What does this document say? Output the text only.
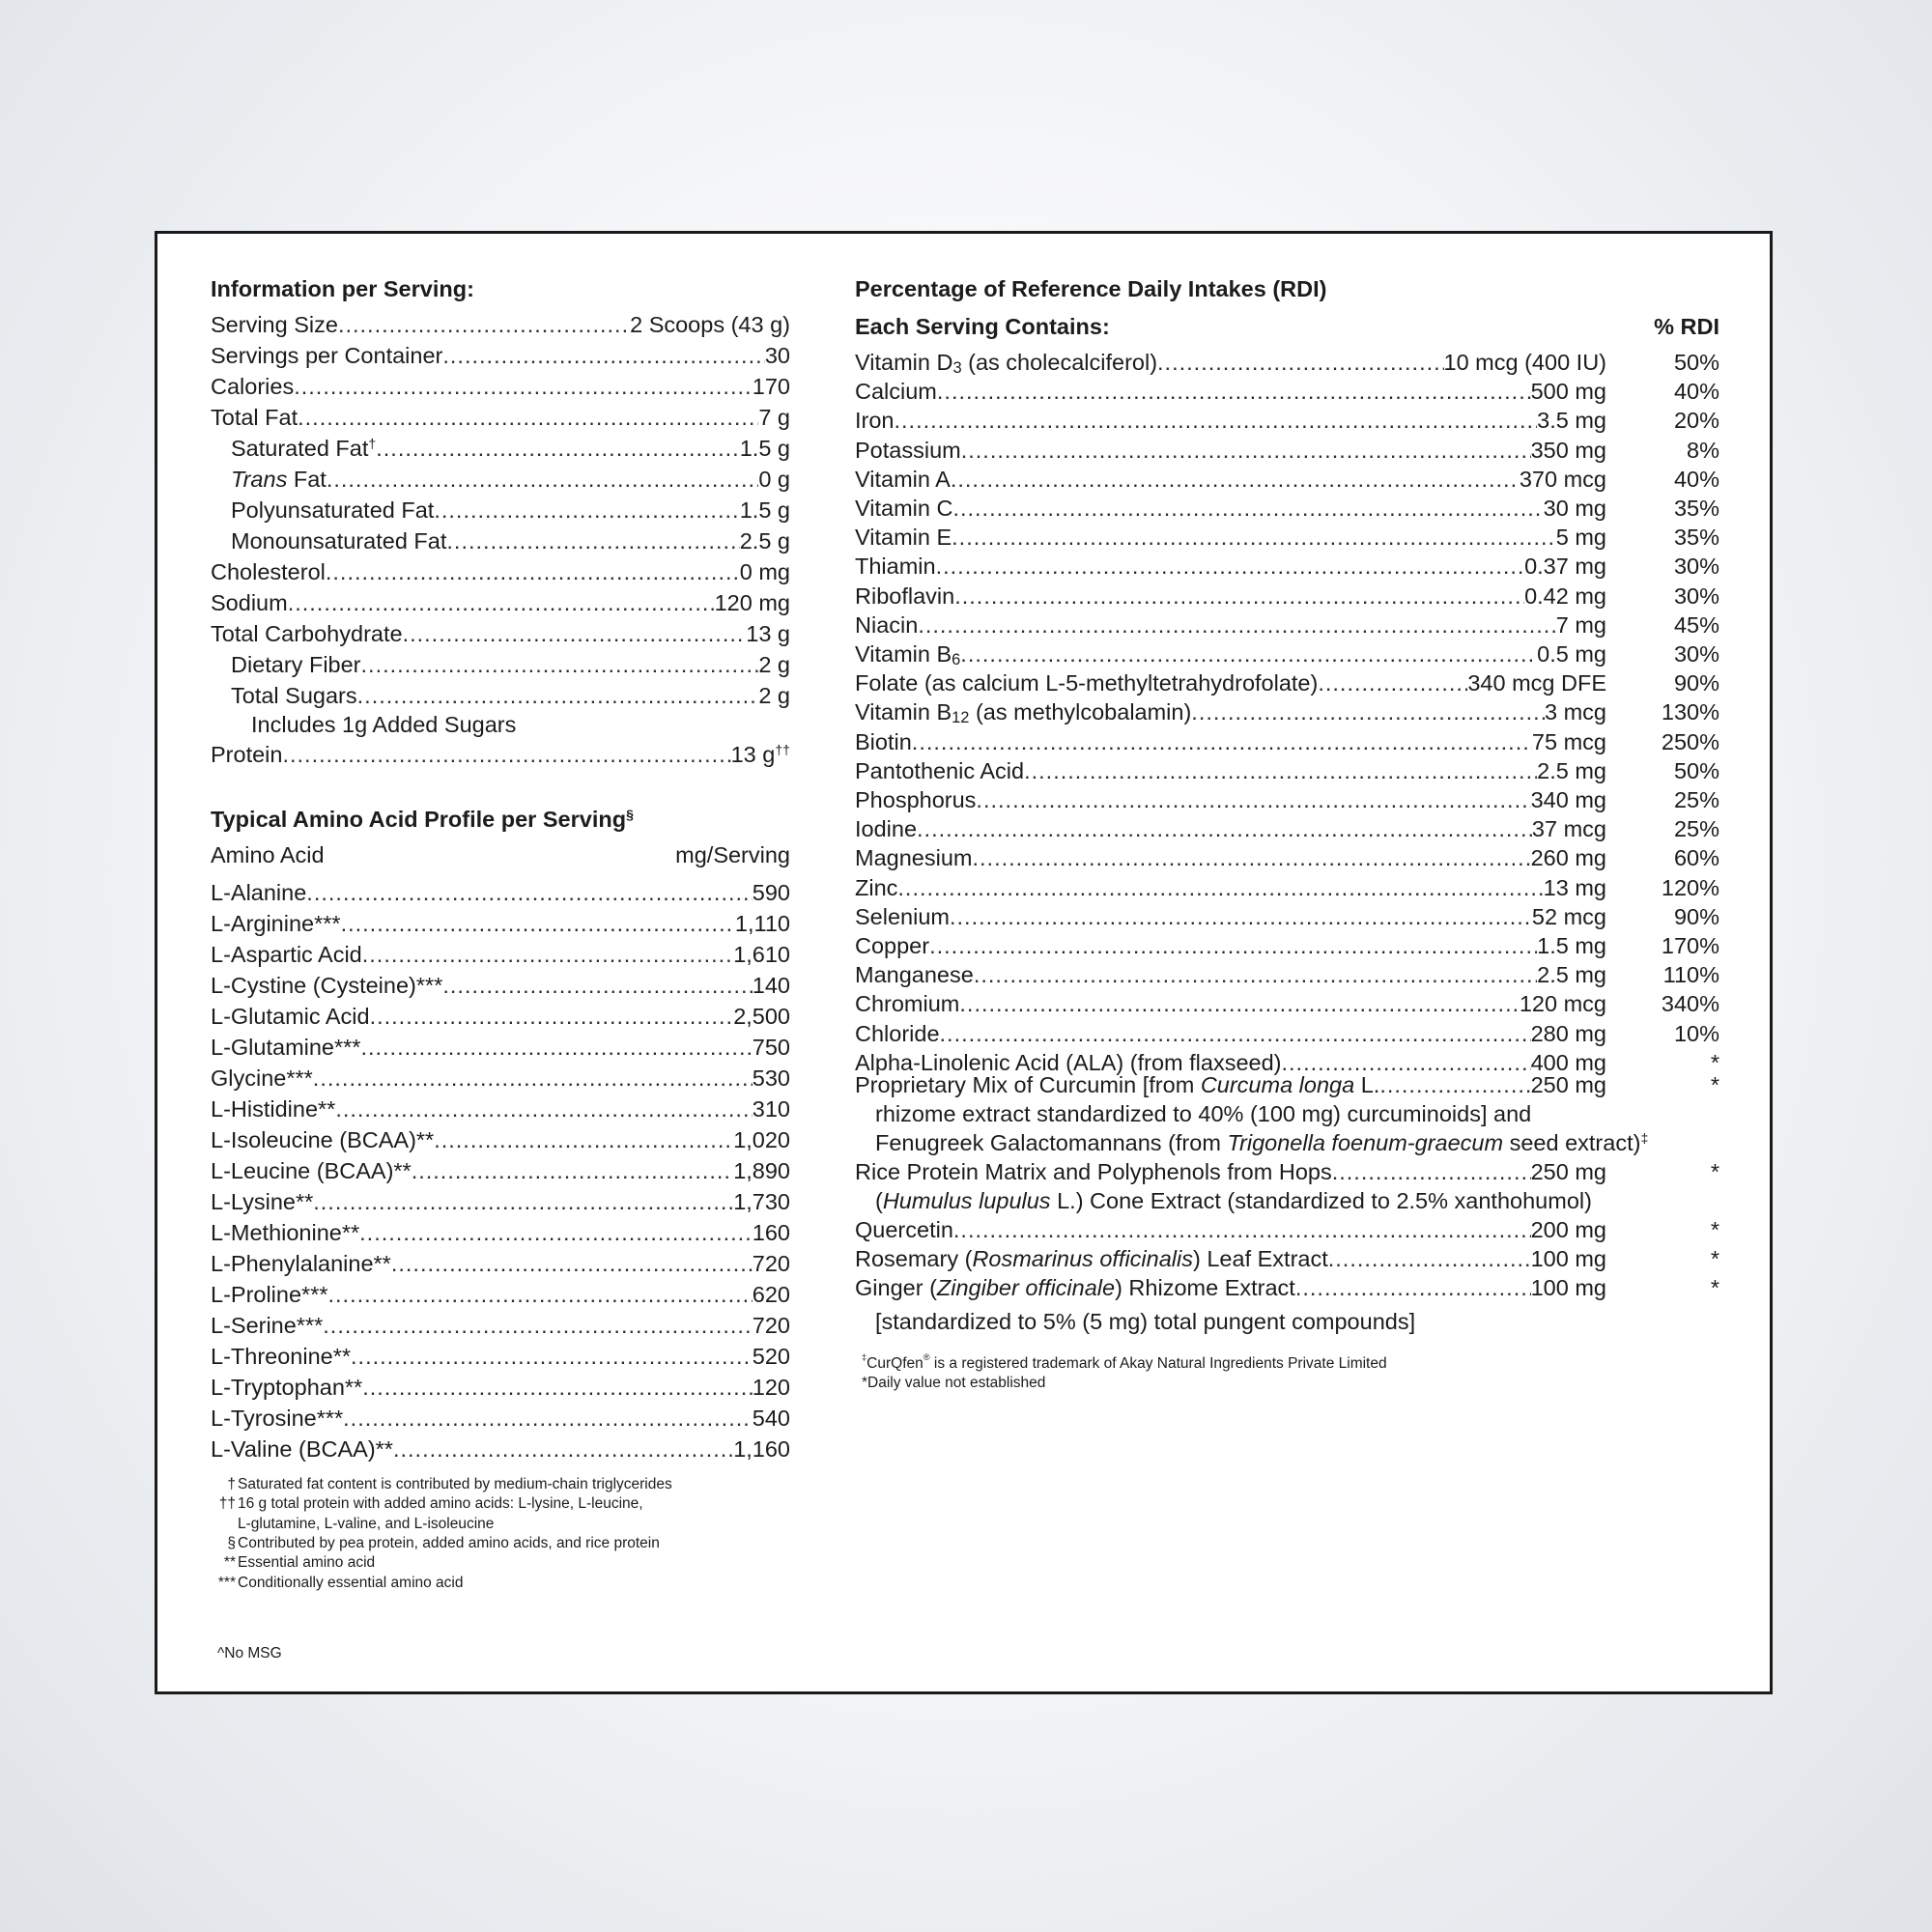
Information per Serving:
Serving Size .....	2 Scoops (43 g)
Servings per Container .....	30
Calories .....	170
Total Fat .....	7 g
Saturated Fat† .....	1.5 g
Trans Fat .....	0 g
Polyunsaturated Fat .....	1.5 g
Monounsaturated Fat .....	2.5 g
Cholesterol .....	0 mg
Sodium .....	120 mg
Total Carbohydrate .....	13 g
Dietary Fiber .....	2 g
Total Sugars .....	2 g
Includes 1g Added Sugars
Protein .....	13 g††
Typical Amino Acid Profile per Serving§
Amino Acid	mg/Serving
L-Alanine .....	590
L-Arginine*** .....	1,110
L-Aspartic Acid .....	1,610
L-Cystine (Cysteine)*** .....	140
L-Glutamic Acid .....	2,500
L-Glutamine*** .....	750
Glycine*** .....	530
L-Histidine** .....	310
L-Isoleucine (BCAA)** .....	1,020
L-Leucine (BCAA)** .....	1,890
L-Lysine** .....	1,730
L-Methionine** .....	160
L-Phenylalanine** .....	720
L-Proline*** .....	620
L-Serine*** .....	720
L-Threonine** .....	520
L-Tryptophan** .....	120
L-Tyrosine*** .....	540
L-Valine (BCAA)** .....	1,160
† Saturated fat content is contributed by medium-chain triglycerides
†† 16 g total protein with added amino acids: L-lysine, L-leucine,
L-glutamine, L-valine, and L-isoleucine
§ Contributed by pea protein, added amino acids, and rice protein
** Essential amino acid
*** Conditionally essential amino acid
^No MSG
Percentage of Reference Daily Intakes (RDI)
Each Serving Contains:	% RDI
Vitamin $D_3$ (as cholecalciferol) .....	10 mcg (400 IU)	50%
Calcium .....	500 mg	40%
Iron .....	3.5 mg	20%
Potassium .....	350 mg	8%
Vitamin A .....	370 mcg	40%
Vitamin C .....	30 mg	35%
Vitamin E .....	5 mg	35%
Thiamin .....	0.37 mg	30%
Riboflavin .....	0.42 mg	30%
Niacin .....	7 mg	45%
Vitamin $B_6$ .....	0.5 mg	30%
Folate (as calcium L-5-methyltetrahydrofolate) .....	340 mcg DFE	90%
Vitamin $B_{12}$ (as methylcobalamin) .....	3 mcg	130%
Biotin .....	75 mcg	250%
Pantothenic Acid .....	2.5 mg	50%
Phosphorus .....	340 mg	25%
Iodine .....	37 mcg	25%
Magnesium .....	260 mg	60%
Zinc .....	13 mg	120%
Selenium .....	52 mcg	90%
Copper .....	1.5 mg	170%
Manganese .....	2.5 mg	110%
Chromium .....	120 mcg	340%
Chloride .....	280 mg	10%
Alpha-Linolenic Acid (ALA) (from flaxseed) .....	400 mg	*
Proprietary Mix of Curcumin [from Curcuma longa L. .....	250 mg	*
rhizome extract standardized to 40% (100 mg) curcuminoids] and
Fenugreek Galactomannans (from Trigonella foenum-graecum seed extract)‡
Rice Protein Matrix and Polyphenols from Hops .....	250 mg	*
(Humulus lupulus L.) Cone Extract (standardized to 2.5% xanthohumol)
Quercetin .....	200 mg	*
Rosemary (Rosmarinus officinalis) Leaf Extract .....	100 mg	*
Ginger (Zingiber officinale) Rhizome Extract .....	100 mg	*
[standardized to 5% (5 mg) total pungent compounds]
‡CurQfen® is a registered trademark of Akay Natural Ingredients Private Limited
*Daily value not established
